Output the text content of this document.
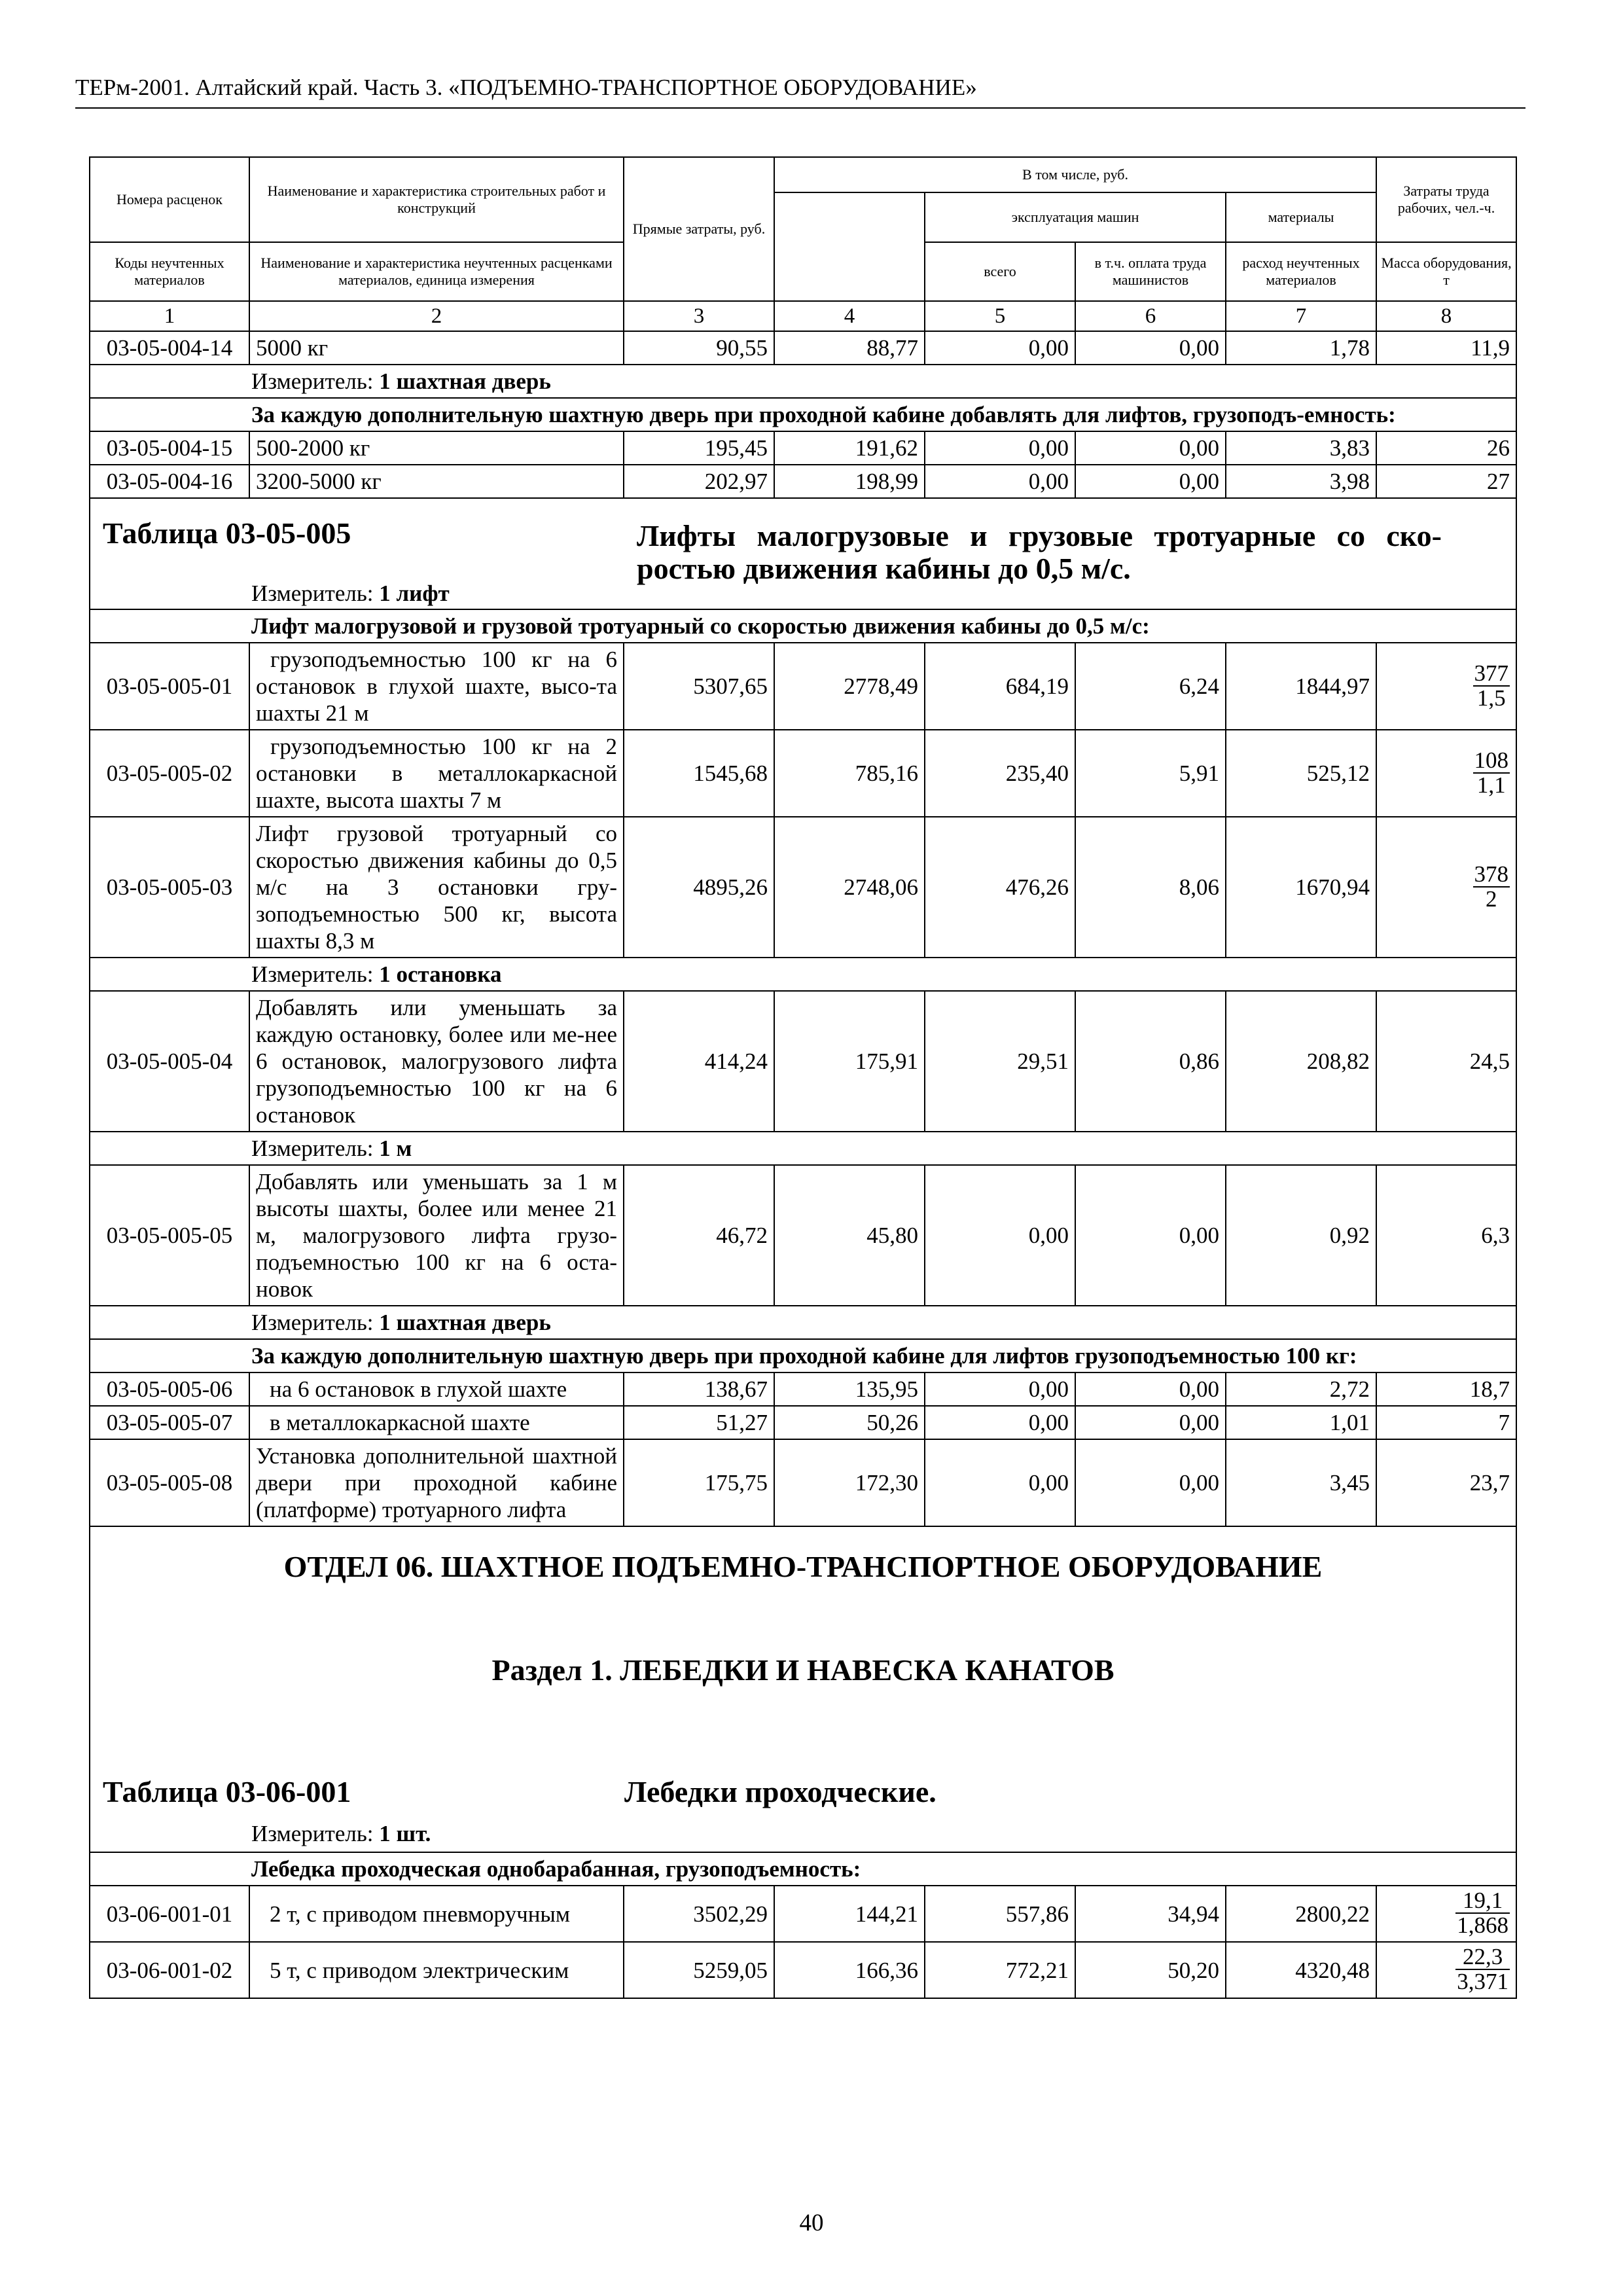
ТЕРм-2001. Алтайский край. Часть 3. «ПОДЪЕМНО-ТРАНСПОРТНОЕ ОБОРУДОВАНИЕ»
Номера расценок	Наименование и характеристика строительных работ и конструкций	Прямые затраты, руб.	В том числе, руб.				Затраты труда рабочих, чел.-ч.
				эксплуатация машин		материалы	
Коды неучтенных материалов	Наименование и характеристика неучтенных расценками материалов, единица измерения			всего	в т.ч. оплата труда машинистов	расход неучтенных материалов	Масса оборудования, т
1	2	3	4	5	6	7	8
03-05-004-14	5000 кг	90,55	88,77	0,00	0,00	1,78	11,9
Измеритель: 1 шахтная дверь							
За каждую дополнительную шахтную дверь при проходной кабине добавлять для лифтов, грузоподъ-емность:							
03-05-004-15	500-2000 кг	195,45	191,62	0,00	0,00	3,83	26
03-05-004-16	3200-5000 кг	202,97	198,99	0,00	0,00	3,98	27

Таблица 03-05-005 Лифты малогрузовые и грузовые тротуарные со ско-ростью движения кабины до 0,5 м/с.
Измеритель: 1 лифт							

Лифт малогрузовой и грузовой тротуарный со скоростью движения кабины до 0,5 м/с:							
03-05-005-01	грузоподъемностью 100 кг на 6 остановок в глухой шахте, высо-та шахты 21 м	5307,65	2778,49	684,19	6,24	1844,97	$\frac{377}{1,5}$

03-05-005-02	грузоподъемностью 100 кг на 2 остановки в металлокаркасной шахте, высота шахты 7 м	1545,68	785,16	235,40	5,91	525,12	$\frac{108}{1,1}$

03-05-005-03	Лифт грузовой тротуарный со скоростью движения кабины до 0,5 м/с на 3 остановки гру-зоподъемностью 500 кг, высота шахты 8,3 м	4895,26	2748,06	476,26	8,06	1670,94	$\frac{378}{2}$

Измеритель: 1 остановка							
03-05-005-04	Добавлять или уменьшать за каждую остановку, более или ме-нее 6 остановок, малогрузового лифта грузоподъемностью 100 кг на 6 остановок	414,24	175,91	29,51	0,86	208,82	24,5
Измеритель: 1 м							
03-05-005-05	Добавлять или уменьшать за 1 м высоты шахты, более или менее 21 м, малогрузового лифта грузо-подъемностью 100 кг на 6 оста-новок	46,72	45,80	0,00	0,00	0,92	6,3
Измеритель: 1 шахтная дверь							
За каждую дополнительную шахтную дверь при проходной кабине для лифтов грузоподъемностью 100 кг:							
03-05-005-06	на 6 остановок в глухой шахте	138,67	135,95	0,00	0,00	2,72	18,7
03-05-005-07	в металлокаркасной шахте	51,27	50,26	0,00	0,00	1,01	7
03-05-005-08	Установка дополнительной шахтной двери при проходной кабине (платформе) тротуарного лифта	175,75	172,30	0,00	0,00	3,45	23,7

ОТДЕЛ 06. ШАХТНОЕ ПОДЪЕМНО-ТРАНСПОРТНОЕ ОБОРУДОВАНИЕ
Раздел 1. ЛЕБЕДКИ И НАВЕСКА КАНАТОВ
Таблица 03-06-001 Лебедки проходческие.
Измеритель: 1 шт.							

Лебедка проходческая однобарабанная, грузоподъемность:							
03-06-001-01	2 т, с приводом пневморучным	3502,29	144,21	557,86	34,94	2800,22	$\frac{19,1}{1,868}$

03-06-001-02	5 т, с приводом электрическим	5259,05	166,36	772,21	50,20	4320,48	$\frac{22,3}{3,371}$
40
